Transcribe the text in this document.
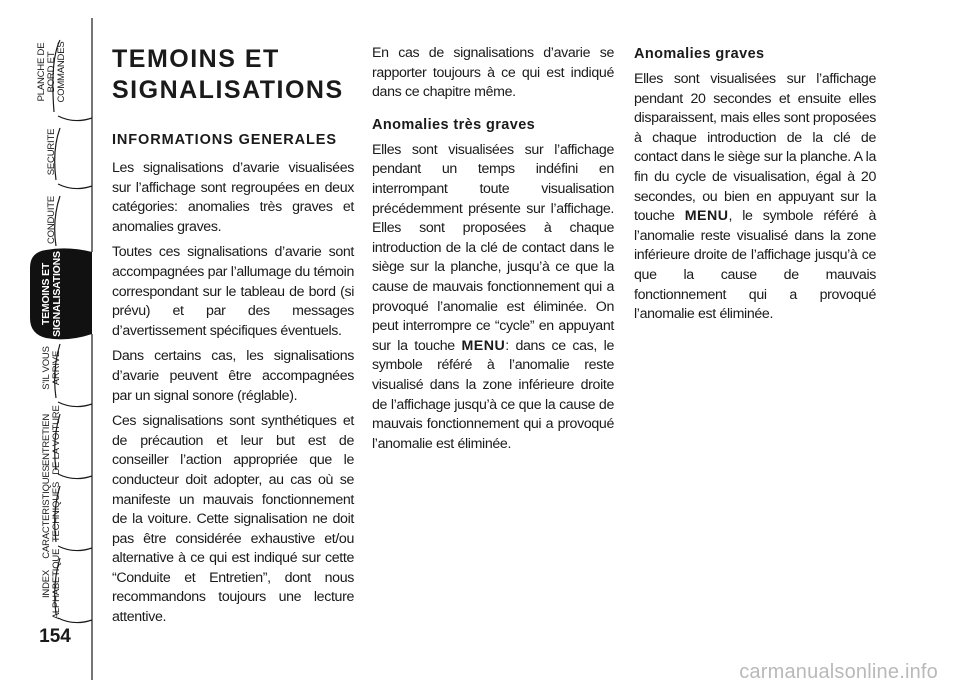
PLANCHE DE
BORD ET
COMMANDES
SECURITE
CONDUITE
TEMOINS ET
SIGNALISATIONS
S'IL VOUS
ARRIVE
ENTRETIEN
DE LA VOITURE
CARACTERISTIQUES
TECHNIQUES
INDEX
ALPHABETIQUE
154
TEMOINS ET
SIGNALISATIONS
INFORMATIONS GENERALES

Les signalisations d’avarie visualisées sur l’affichage sont regroupées en deux catégories: anomalies très graves et anomalies graves.

Toutes ces signalisations d’avarie sont accompagnées par l’allumage du témoin correspondant sur le tableau de bord (si prévu) et par des messages d’avertissement spécifiques éventuels.

Dans certains cas, les signalisations d’avarie peuvent être accompagnées par un signal sonore (réglable).

Ces signalisations sont synthétiques et de précaution et leur but est de conseiller l’action appropriée que le conducteur doit adopter, au cas où se manifeste un mauvais fonctionnement de la voiture. Cette signalisation ne doit pas être considérée exhaustive et/ou alternative à ce qui est indiqué sur cette “Conduite et Entretien”, dont nous recommandons toujours une lecture attentive.

En cas de signalisations d’avarie se rapporter toujours à ce qui est indiqué dans ce chapitre même.

Anomalies très graves

Elles sont visualisées sur l’affichage pendant un temps indéfini en interrompant toute visualisation précédemment présente sur l’affichage. Elles sont proposées à chaque introduction de la clé de contact dans le siège sur la planche, jusqu’à ce que la cause de mauvais fonctionnement qui a provoqué l’anomalie est éliminée. On peut interrompre ce “cycle” en appuyant sur la touche MENU: dans ce cas, le symbole référé à l’anomalie reste visualisé dans la zone inférieure droite de l’affichage jusqu’à ce que la cause de mauvais fonctionnement qui a provoqué l’anomalie est éliminée.

Anomalies graves

Elles sont visualisées sur l’affichage pendant 20 secondes et ensuite elles disparaissent, mais elles sont proposées à chaque introduction de la clé de contact dans le siège sur la planche. A la fin du cycle de visualisation, égal à 20 secondes, ou bien en appuyant sur la touche MENU, le symbole référé à l’anomalie reste visualisé dans la zone inférieure droite de l’affichage jusqu’à ce que la cause de mauvais fonctionnement qui a provoqué l’anomalie est éliminée.

carmanualsonline.info
